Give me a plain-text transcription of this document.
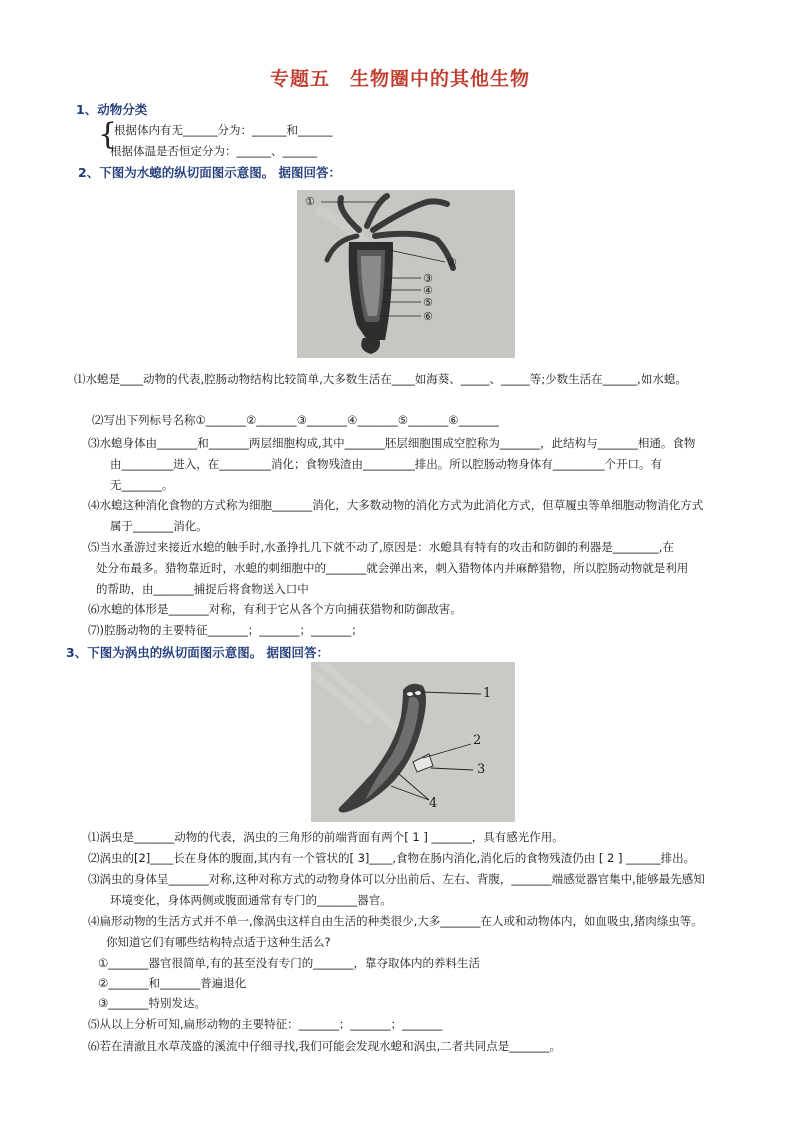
专题五　生物圈中的其他生物
1、动物分类
{
根据体内有无______分为：______和______
根据体温是否恒定分为：______、______
2、下图为水螅的纵切面图示意图。 据图回答：
①
②
③
④
⑤
⑥
⑴水螅是____动物的代表,腔肠动物结构比较简单,大多数生活在____如海葵、_____、_____等;少数生活在______,如水螅。
⑵写出下列标号名称①_______②_______③_______④_______⑤_______⑥_______
⑶水螅身体由_______和_______两层细胞构成,其中_______胚层细胞围成空腔称为_______，此结构与_______相通。食物
由_________进入，在_________消化；食物残渣由_________排出。所以腔肠动物身体有_________个开口。有
无_______。
⑷水螅这种消化食物的方式称为细胞_______消化，大多数动物的消化方式为此消化方式，但草履虫等单细胞动物消化方式
属于_______消化。
⑸当水蚤游过来接近水螅的触手时,水蚤挣扎几下就不动了,原因是：水螅具有特有的攻击和防御的利器是________,在
处分布最多。猎物靠近时，水螅的刺细胞中的_______就会弹出来，刺入猎物体内并麻醉猎物，所以腔肠动物就是利用
的帮助，由_______捕捉后将食物送入口中
⑹水螅的体形是_______对称，有利于它从各个方向捕获猎物和防御敌害。
⑺)腔肠动物的主要特征_______；_______；_______；
3、下图为涡虫的纵切面图示意图。 据图回答：
1
2
3
4
⑴涡虫是_______动物的代表，涡虫的三角形的前端背面有两个[ 1 ] _______，具有感光作用。
⑵涡虫的[2]____长在身体的腹面,其内有一个管状的[ 3]____,食物在肠内消化,消化后的食物残渣仍由 [ 2 ] ______排出。
⑶涡虫的身体呈_______对称,这种对称方式的动物身体可以分出前后、左右、背腹，_______端感觉器官集中,能够最先感知
环境变化，身体两侧或腹面通常有专门的_______器官。
⑷扁形动物的生活方式并不单一,像涡虫这样自由生活的种类很少,大多_______在人或和动物体内，如血吸虫,猪肉绦虫等。
你知道它们有哪些结构特点适于这种生活么?
①_______器官很简单,有的甚至没有专门的_______，靠夺取体内的养料生活
②_______和_______普遍退化
③_______特别发达。
⑸从以上分析可知,扁形动物的主要特征：_______；_______；_______
⑹若在清澈且水草茂盛的溪流中仔细寻找,我们可能会发现水螅和涡虫,二者共同点是_______。
